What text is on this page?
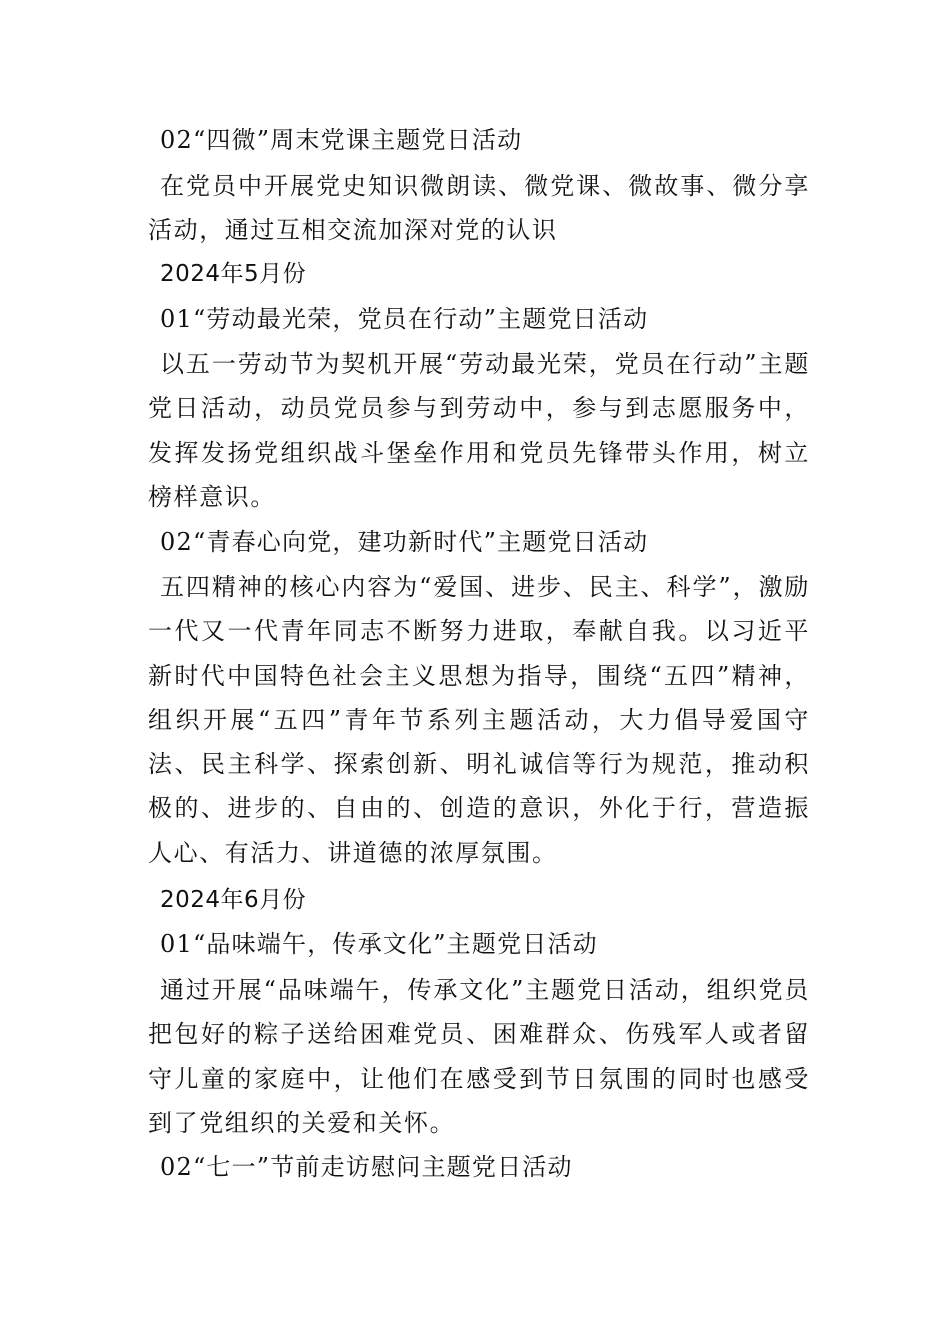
02“四微”周末党课主题党日活动
在党员中开展党史知识微朗读、微党课、微故事、微分享活动，通过互相交流加深对党的认识
2024年5月份
01“劳动最光荣，党员在行动”主题党日活动
以五一劳动节为契机开展“劳动最光荣，党员在行动”主题党日活动，动员党员参与到劳动中，参与到志愿服务中，发挥发扬党组织战斗堡垒作用和党员先锋带头作用，树立榜样意识。
02“青春心向党，建功新时代”主题党日活动
五四精神的核心内容为“爱国、进步、民主、科学”，激励一代又一代青年同志不断努力进取，奉献自我。以习近平新时代中国特色社会主义思想为指导，围绕“五四”精神，组织开展“五四”青年节系列主题活动，大力倡导爱国守法、民主科学、探索创新、明礼诚信等行为规范，推动积极的、进步的、自由的、创造的意识，外化于行，营造振人心、有活力、讲道德的浓厚氛围。
2024年6月份
01“品味端午，传承文化”主题党日活动
通过开展“品味端午，传承文化”主题党日活动，组织党员把包好的粽子送给困难党员、困难群众、伤残军人或者留守儿童的家庭中，让他们在感受到节日氛围的同时也感受到了党组织的关爱和关怀。
02“七一”节前走访慰问主题党日活动
